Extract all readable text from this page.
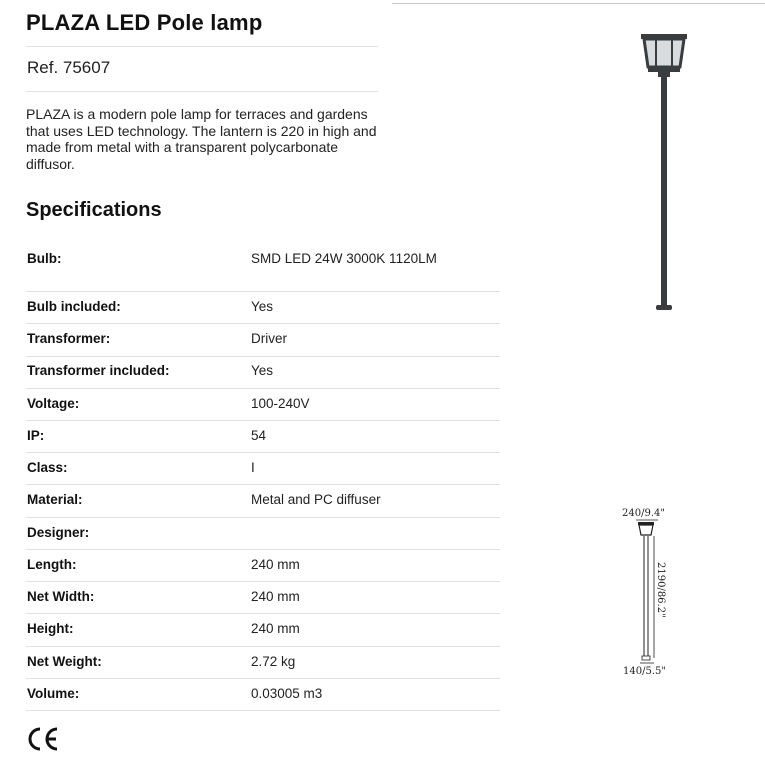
PLAZA LED Pole lamp
Ref. 75607

PLAZA is a modern pole lamp for terraces and gardens that uses LED technology. The lantern is 220 in high and made from metal with a transparent polycarbonate diffusor.

Specifications
Bulb:	SMD LED 24W 3000K 1120LM
Bulb included:	Yes
Transformer:	Driver
Transformer included:	Yes
Voltage:	100-240V
IP:	54
Class:	I
Material:	Metal and PC diffuser
Designer:
Length:	240 mm
Net Width:	240 mm
Height:	240 mm
Net Weight:	2.72 kg
Volume:	0.03005 m3
240/9.4"
2190/86.2"
140/5.5"
